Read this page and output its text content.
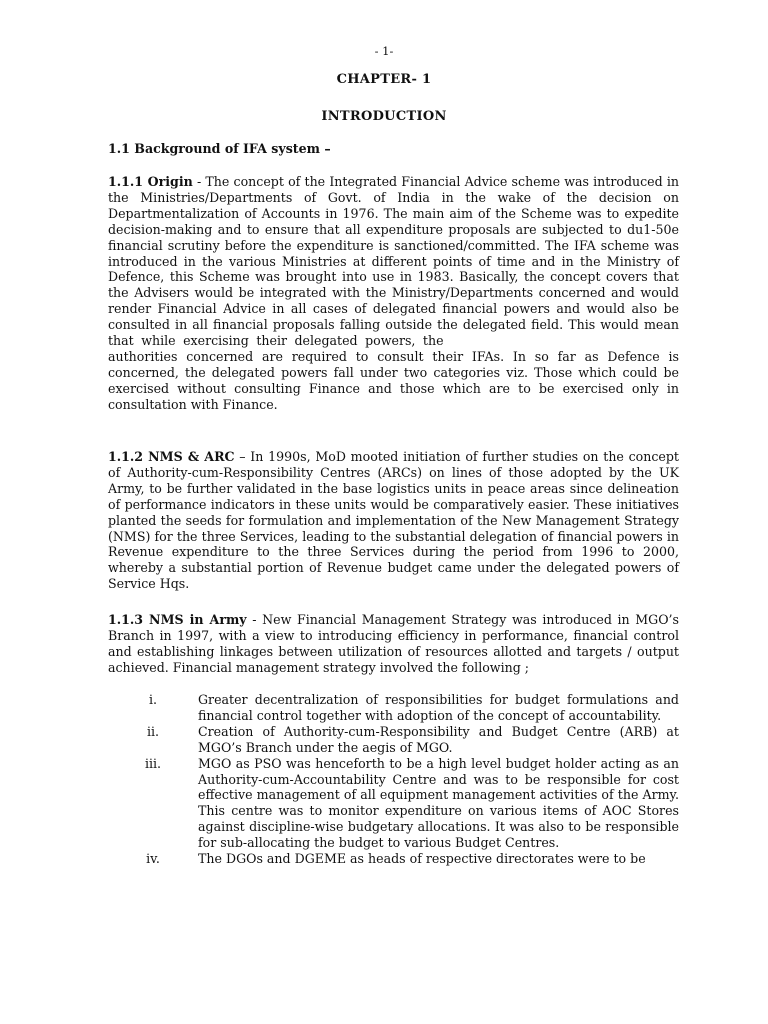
- 1-
CHAPTER- 1
INTRODUCTION
1.1 Background of IFA system –
1.1.1 Origin - The concept of the Integrated Financial Advice scheme was introduced in the Ministries/Departments of Govt. of India in the wake of the decision on Departmentalization of Accounts in 1976. The main aim of the Scheme was to expedite decision-making and to ensure that all expenditure proposals are subjected to du1-50e financial scrutiny before the expenditure is sanctioned/committed. The IFA scheme was introduced in the various Ministries at different points of time and in the Ministry of Defence, this Scheme was brought into use in 1983. Basically, the concept covers that the Advisers would be integrated with the Ministry/Departments concerned and would render Financial Advice in all cases of delegated financial powers and would also be consulted in all financial proposals falling outside the delegated field. This would mean that while exercising their delegated powers, the  authorities concerned are required to consult their IFAs. In so far as Defence is concerned, the delegated powers fall under two categories viz. Those which could be exercised without consulting Finance and those which are to be exercised only in consultation with Finance.
1.1.2 NMS & ARC – In 1990s, MoD mooted initiation of further studies on the concept of Authority-cum-Responsibility Centres (ARCs) on lines of those adopted by the UK Army, to be further validated in the base logistics units in peace areas since delineation of performance indicators in these units would be comparatively easier. These initiatives planted the seeds for formulation and implementation of the New Management Strategy (NMS) for the three Services, leading to the substantial delegation of financial powers in Revenue expenditure to the three Services during the period from 1996 to 2000, whereby a substantial portion of Revenue budget came under the delegated powers of Service Hqs.
1.1.3 NMS in Army - New Financial Management Strategy was introduced in MGO’s Branch in 1997, with a view to introducing efficiency in performance, financial control and establishing linkages between utilization of resources allotted and targets / output achieved. Financial management strategy involved the following ;
i.	Greater decentralization of responsibilities for budget formulations and financial control together with adoption of the concept of accountability.
ii.	Creation of Authority-cum-Responsibility and Budget Centre (ARB) at MGO’s Branch under the aegis of MGO.
iii.	MGO as PSO was henceforth to be a high level budget holder acting as an Authority-cum-Accountability Centre and was to be responsible for cost effective management of all equipment management activities of the Army. This centre was to monitor expenditure on various items of AOC Stores against discipline-wise budgetary allocations. It was also to be responsible for sub-allocating the budget to various Budget Centres.
iv.	The DGOs and DGEME as heads of respective directorates were to be
